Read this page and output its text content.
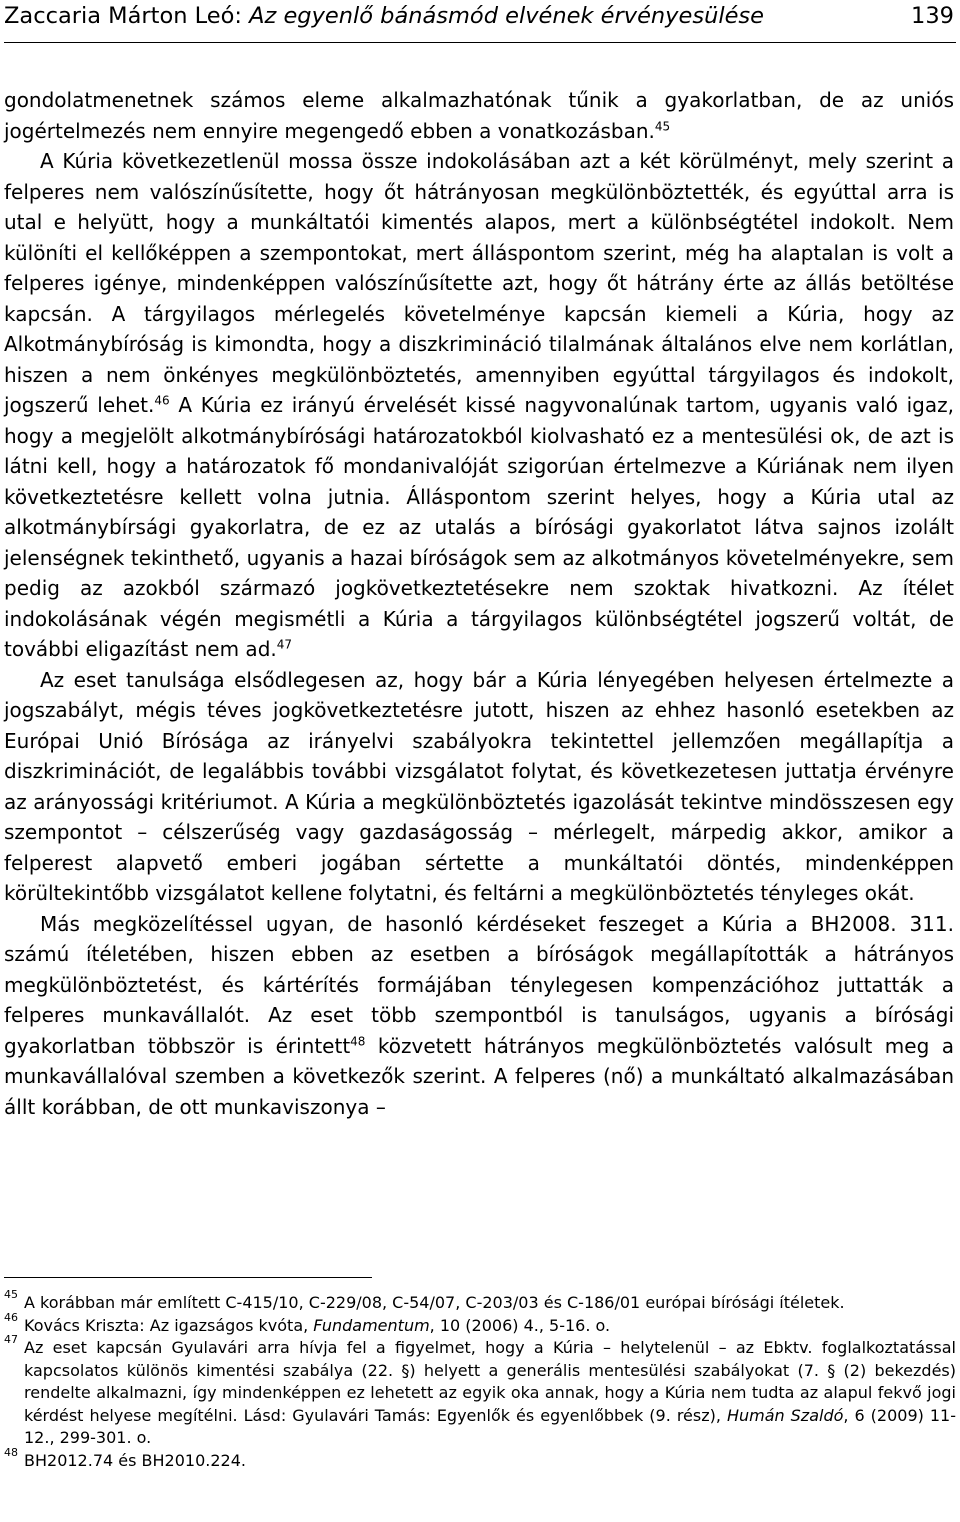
Zaccaria Márton Leó: Az egyenlő bánásmód elvének érvényesülése	139

gondolatmenetnek számos eleme alkalmazhatónak tűnik a gyakorlatban, de az uniós jogértelmezés nem ennyire megengedő ebben a vonatkozásban.$^{45}$

A Kúria következetlenül mossa össze indokolásában azt a két körülményt, mely szerint a felperes nem valószínűsítette, hogy őt hátrányosan megkülönböztették, és egyúttal arra is utal e helyütt, hogy a munkáltatói kimentés alapos, mert a különbségtétel indokolt. Nem különíti el kellőképpen a szempontokat, mert álláspontom szerint, még ha alaptalan is volt a felperes igénye, mindenképpen valószínűsítette azt, hogy őt hátrány érte az állás betöltése kapcsán. A tárgyilagos mérlegelés követelménye kapcsán kiemeli a Kúria, hogy az Alkotmánybíróság is kimondta, hogy a diszkrimináció tilalmának általános elve nem korlátlan, hiszen a nem önkényes megkülönböztetés, amennyiben egyúttal tárgyilagos és indokolt, jogszerű lehet.$^{46}$ A Kúria ez irányú érvelését kissé nagyvonalúnak tartom, ugyanis való igaz, hogy a megjelölt alkotmánybírósági határozatokból kiolvasható ez a mentesülési ok, de azt is látni kell, hogy a határozatok fő mondanivalóját szigorúan értelmezve a Kúriának nem ilyen következtetésre kellett volna jutnia. Álláspontom szerint helyes, hogy a Kúria utal az alkotmánybírsági gyakorlatra, de ez az utalás a bírósági gyakorlatot látva sajnos izolált jelenségnek tekinthető, ugyanis a hazai bíróságok sem az alkotmányos követelményekre, sem pedig az azokból származó jogkövetkeztetésekre nem szoktak hivatkozni. Az ítélet indokolásának végén megismétli a Kúria a tárgyilagos különbségtétel jogszerű voltát, de további eligazítást nem ad.$^{47}$

Az eset tanulsága elsődlegesen az, hogy bár a Kúria lényegében helyesen értelmezte a jogszabályt, mégis téves jogkövetkeztetésre jutott, hiszen az ehhez hasonló esetekben az Európai Unió Bírósága az irányelvi szabályokra tekintettel jellemzően megállapítja a diszkriminációt, de legalábbis további vizsgálatot folytat, és következetesen juttatja érvényre az arányossági kritériumot. A Kúria a megkülönböztetés igazolását tekintve mindösszesen egy szempontot – célszerűség vagy gazdaságosság – mérlegelt, márpedig akkor, amikor a felperest alapvető emberi jogában sértette a munkáltatói döntés, mindenképpen körültekintőbb vizsgálatot kellene folytatni, és feltárni a megkülönböztetés tényleges okát.

Más megközelítéssel ugyan, de hasonló kérdéseket feszeget a Kúria a BH2008. 311. számú ítéletében, hiszen ebben az esetben a bíróságok megállapították a hátrányos megkülönböztetést, és kártérítés formájában ténylegesen kompenzációhoz juttatták a felperes munkavállalót. Az eset több szempontból is tanulságos, ugyanis a bírósági gyakorlatban többször is érintett$^{48}$ közvetett hátrányos megkülönböztetés valósult meg a munkavállalóval szemben a következők szerint. A felperes (nő) a munkáltató alkalmazásában állt korábban, de ott munkaviszonya –

45 A korábban már említett C-415/10, C-229/08, C-54/07, C-203/03 és C-186/01 európai bírósági ítéletek.
46 Kovács Kriszta: Az igazságos kvóta, Fundamentum, 10 (2006) 4., 5-16. o.
47 Az eset kapcsán Gyulavári arra hívja fel a figyelmet, hogy a Kúria – helytelenül – az Ebktv. foglalkoztatással kapcsolatos különös kimentési szabálya (22. §) helyett a generális mentesülési szabályokat (7. § (2) bekezdés) rendelte alkalmazni, így mindenképpen ez lehetett az egyik oka annak, hogy a Kúria nem tudta az alapul fekvő jogi kérdést helyese megítélni. Lásd: Gyulavári Tamás: Egyenlők és egyenlőbbek (9. rész), Humán Szaldó, 6 (2009) 11-12., 299-301. o.
48 BH2012.74 és BH2010.224.
